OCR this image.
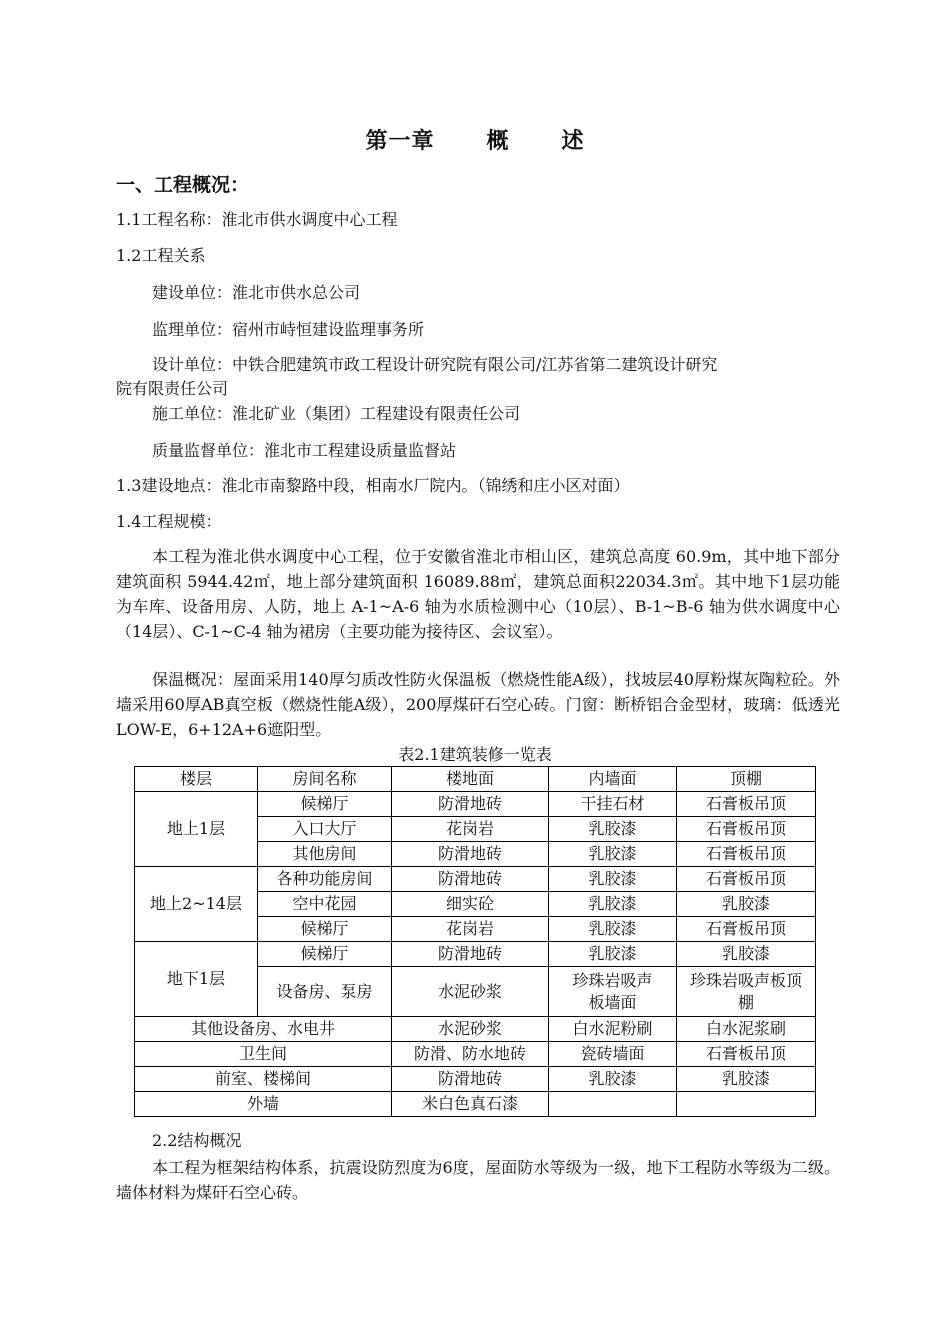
第一章 概 述
一、工程概况：
1.1工程名称：淮北市供水调度中心工程
1.2工程关系
建设单位：淮北市供水总公司
监理单位：宿州市峙恒建设监理事务所
设计单位：中铁合肥建筑市政工程设计研究院有限公司/江苏省第二建筑设计研究
院有限责任公司
施工单位：淮北矿业（集团）工程建设有限责任公司
质量监督单位：淮北市工程建设质量监督站
1.3建设地点：淮北市南黎路中段，相南水厂院内。（锦绣和庄小区对面）
1.4工程规模：
本工程为淮北供水调度中心工程，位于安徽省淮北市相山区，建筑总高度 60.9m，其中地下部分建筑面积 5944.42㎡，地上部分建筑面积 16089.88㎡，建筑总面积22034.3㎡。其中地下1层功能为车库、设备用房、人防，地上 A-1~A-6 轴为水质检测中心（10层）、B-1~B-6 轴为供水调度中心（14层）、C-1~C-4 轴为裙房（主要功能为接待区、会议室）。
保温概况：屋面采用140厚匀质改性防火保温板（燃烧性能A级），找坡层40厚粉煤灰陶粒砼。外墙采用60厚AB真空板（燃烧性能A级），200厚煤矸石空心砖。门窗：断桥铝合金型材，玻璃：低透光LOW-E，6+12A+6遮阳型。
表2.1建筑装修一览表
楼层	房间名称	楼地面	内墙面	顶棚
地上1层	候梯厅	防滑地砖	干挂石材	石膏板吊顶
	入口大厅	花岗岩	乳胶漆	石膏板吊顶
	其他房间	防滑地砖	乳胶漆	石膏板吊顶
地上2~14层	各种功能房间	防滑地砖	乳胶漆	石膏板吊顶
	空中花园	细实砼	乳胶漆	乳胶漆
	候梯厅	花岗岩	乳胶漆	石膏板吊顶
地下1层	候梯厅	防滑地砖	乳胶漆	乳胶漆
	设备房、泵房	水泥砂浆	珍珠岩吸声板墙面	珍珠岩吸声板顶棚
其他设备房、水电井		水泥砂浆	白水泥粉刷	白水泥浆刷
卫生间		防滑、防水地砖	瓷砖墙面	石膏板吊顶
前室、楼梯间		防滑地砖	乳胶漆	乳胶漆
外墙		米白色真石漆		
2.2结构概况
本工程为框架结构体系，抗震设防烈度为6度，屋面防水等级为一级，地下工程防水等级为二级。墙体材料为煤矸石空心砖。
